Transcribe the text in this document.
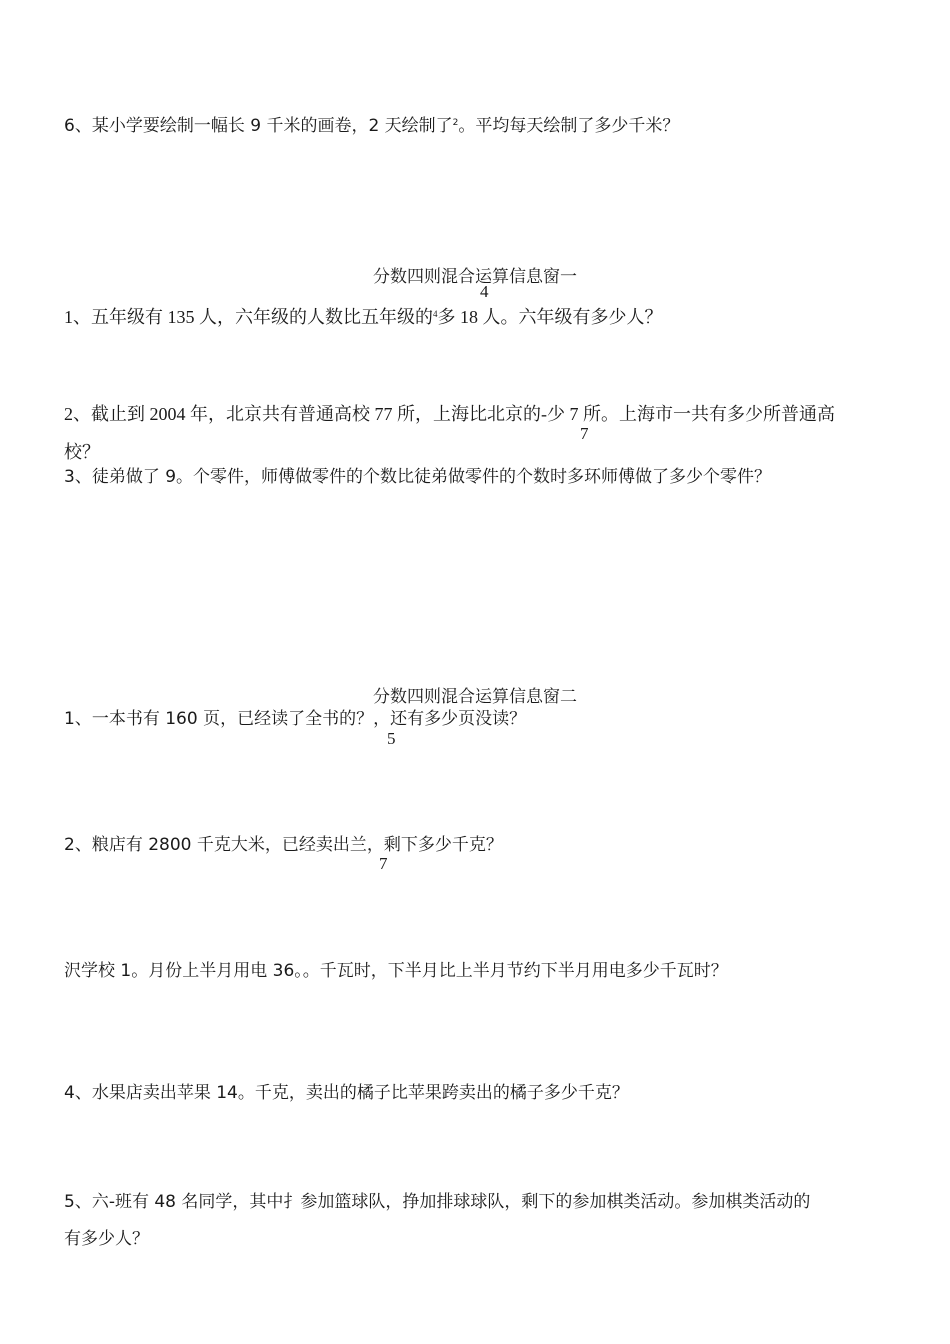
6、某小学要绘制一幅长 9 千米的画卷，2 天绘制了$^2$。平均每天绘制了多少千米？
分数四则混合运算信息窗一
4
1、五年级有 135 人，六年级的人数比五年级的$^4$多 18 人。六年级有多少人？
2、截止到 2004 年，北京共有普通高校 77 所，上海比北京的-少 7 所。上海市一共有多少所普通高
7
校？
3、徒弟做了 9。个零件，师傅做零件的个数比徒弟做零件的个数时多环师傅做了多少个零件？
分数四则混合运算信息窗二
1、一本书有 160 页，已经读了全书的？，还有多少页没读？
5
2、粮店有 2800 千克大米，已经卖出兰，剩下多少千克？
7
沢学校 1。月份上半月用电 36。。千瓦时，下半月比上半月节约下半月用电多少千瓦时？
4、水果店卖出苹果 14。千克，卖出的橘子比苹果跨卖出的橘子多少千克？
5、六-班有 48 名同学，其中扌参加篮球队，挣加排球球队，剩下的参加棋类活动。参加棋类活动的
有多少人？
